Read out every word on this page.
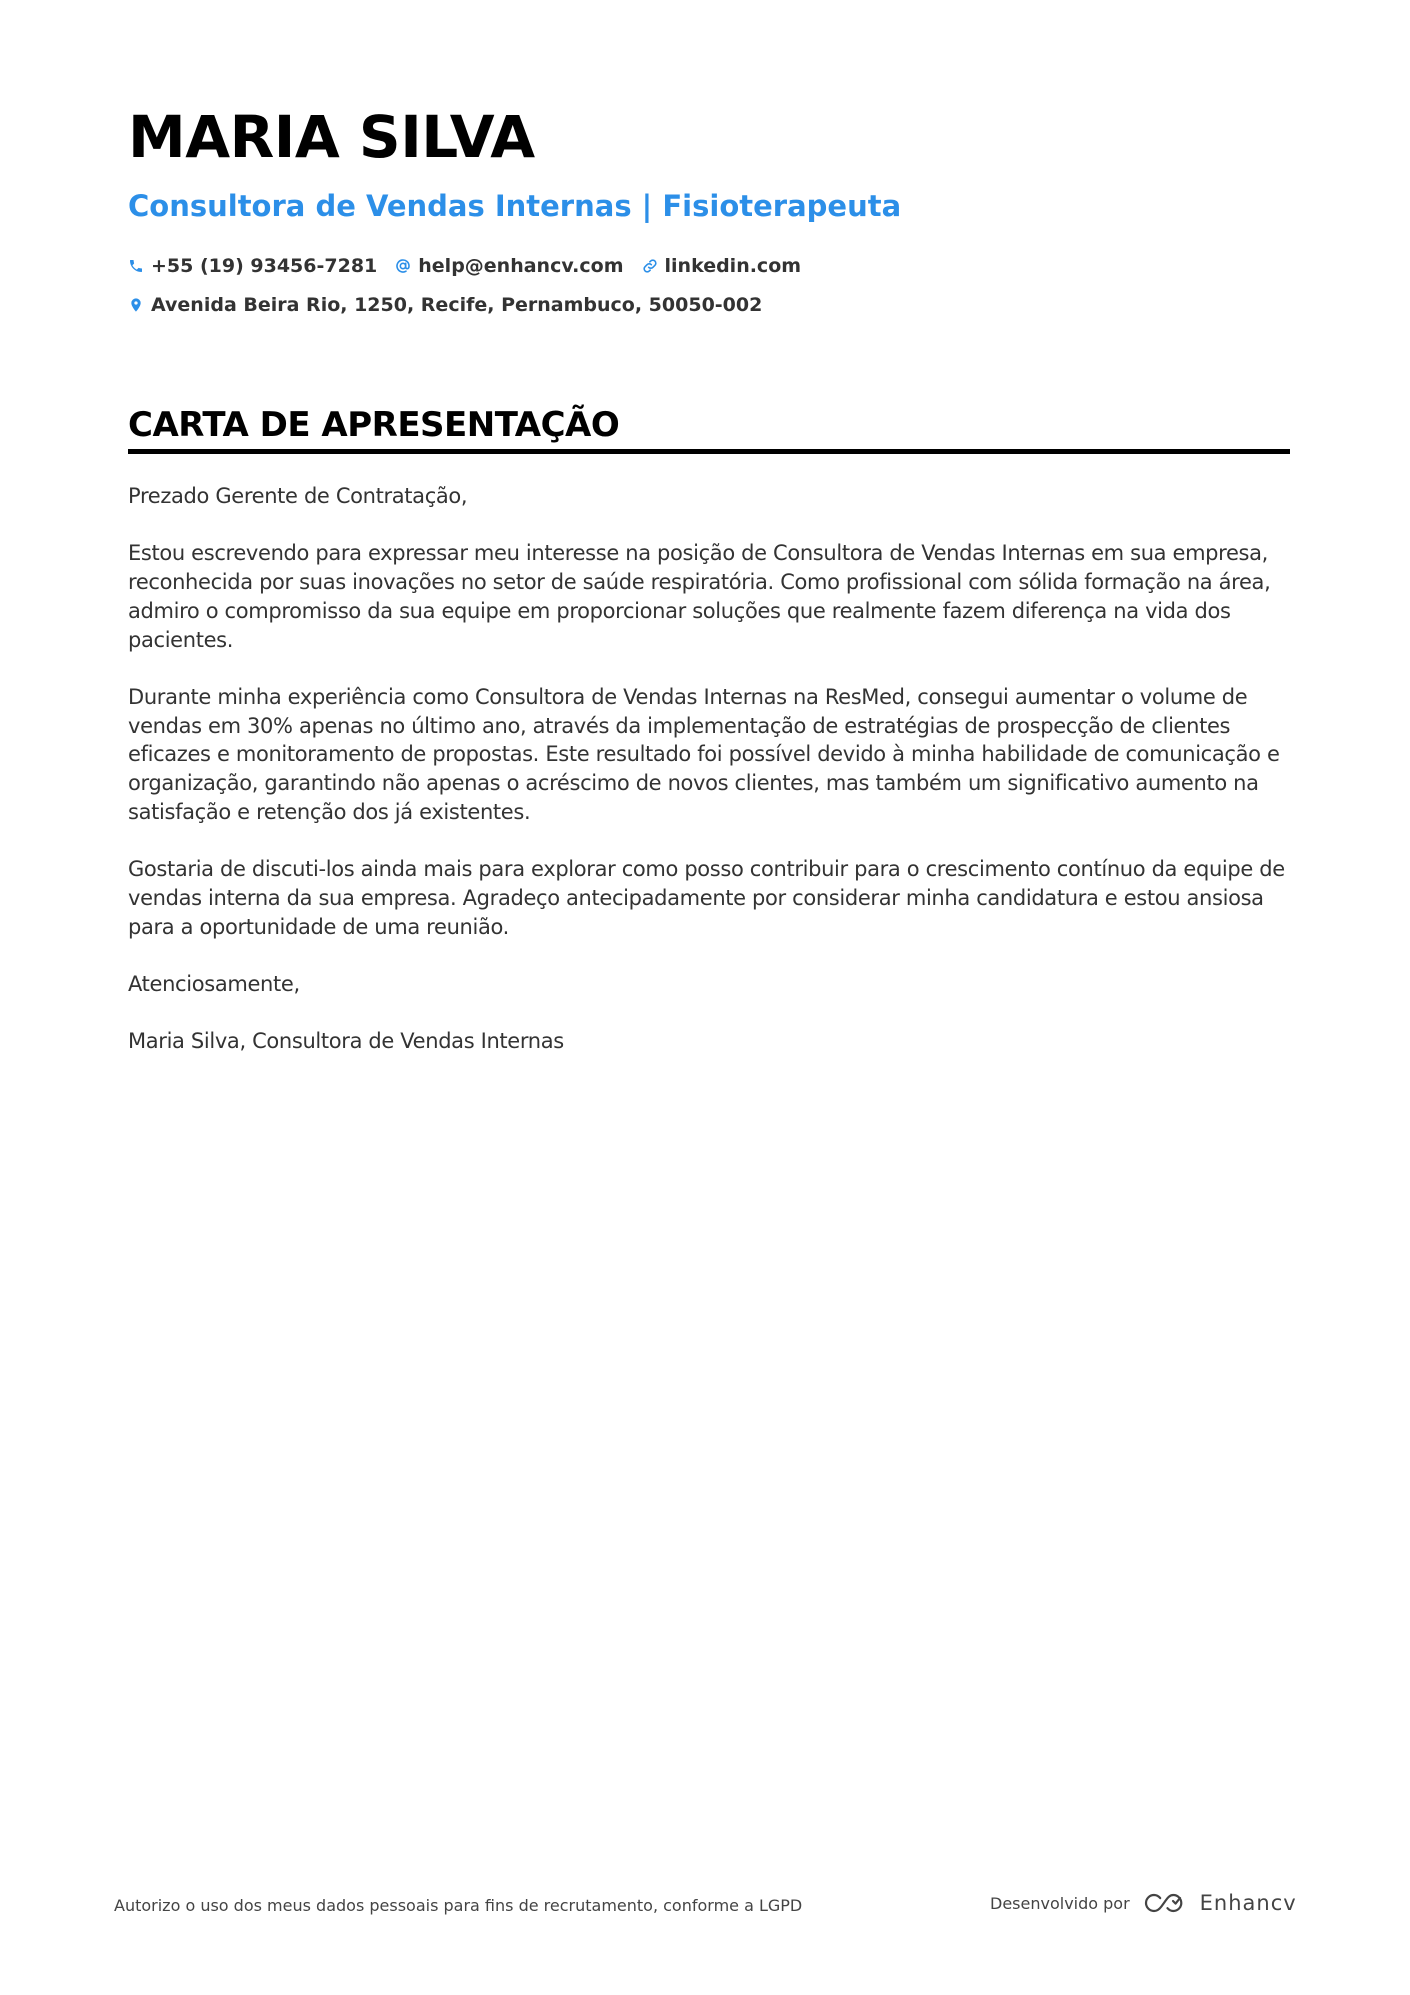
MARIA SILVA
Consultora de Vendas Internas | Fisioterapeuta
+55 (19) 93456-7281 help@enhancv.com linkedin.com
Avenida Beira Rio, 1250, Recife, Pernambuco, 50050-002
CARTA DE APRESENTAÇÃO

Prezado Gerente de Contratação,

Estou escrevendo para expressar meu interesse na posição de Consultora de Vendas Internas em sua empresa, reconhecida por suas inovações no setor de saúde respiratória. Como profissional com sólida formação na área, admiro o compromisso da sua equipe em proporcionar soluções que realmente fazem diferença na vida dos pacientes.

Durante minha experiência como Consultora de Vendas Internas na ResMed, consegui aumentar o volume de vendas em 30% apenas no último ano, através da implementação de estratégias de prospecção de clientes eficazes e monitoramento de propostas. Este resultado foi possível devido à minha habilidade de comunicação e organização, garantindo não apenas o acréscimo de novos clientes, mas também um significativo aumento na satisfação e retenção dos já existentes.

Gostaria de discuti-los ainda mais para explorar como posso contribuir para o crescimento contínuo da equipe de vendas interna da sua empresa. Agradeço antecipadamente por considerar minha candidatura e estou ansiosa para a oportunidade de uma reunião.

Atenciosamente,

Maria Silva, Consultora de Vendas Internas

Autorizo o uso dos meus dados pessoais para fins de recrutamento, conforme a LGPD	Desenvolvido por	Enhancv
